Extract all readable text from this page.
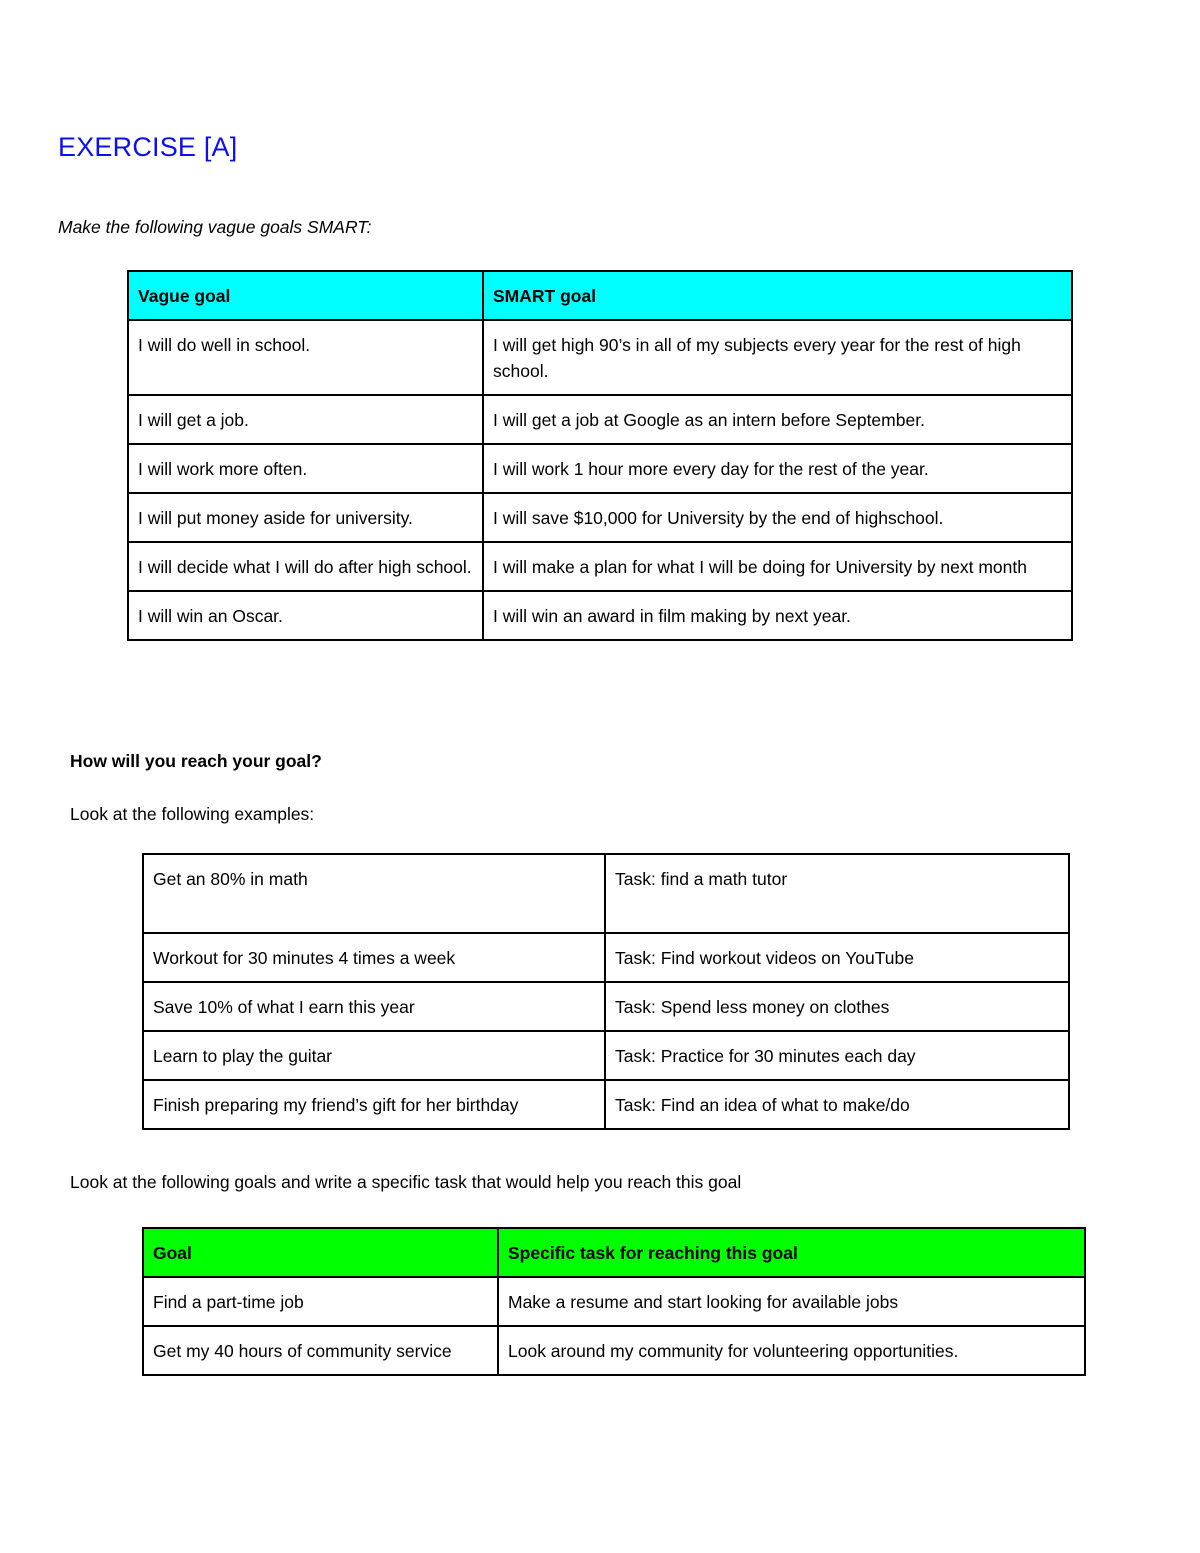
EXERCISE [A]
Make the following vague goals SMART:
Vague goal	SMART goal
I will do well in school.	I will get high 90’s in all of my subjects every year for the rest of high school.
I will get a job.	I will get a job at Google as an intern before September.
I will work more often.	I will work 1 hour more every day for the rest of the year.
I will put money aside for university.	I will save $10,000 for University by the end of highschool.
I will decide what I will do after high school.	I will make a plan for what I will be doing for University by next month
I will win an Oscar.	I will win an award in film making by next year.
How will you reach your goal?
Look at the following examples:
Get an 80% in math	Task: find a math tutor
Workout for 30 minutes 4 times a week	Task: Find workout videos on YouTube
Save 10% of what I earn this year	Task: Spend less money on clothes
Learn to play the guitar	Task: Practice for 30 minutes each day
Finish preparing my friend’s gift for her birthday	Task: Find an idea of what to make/do
Look at the following goals and write a specific task that would help you reach this goal
Goal	Specific task for reaching this goal
Find a part-time job	Make a resume and start looking for available jobs
Get my 40 hours of community service	Look around my community for volunteering opportunities.
